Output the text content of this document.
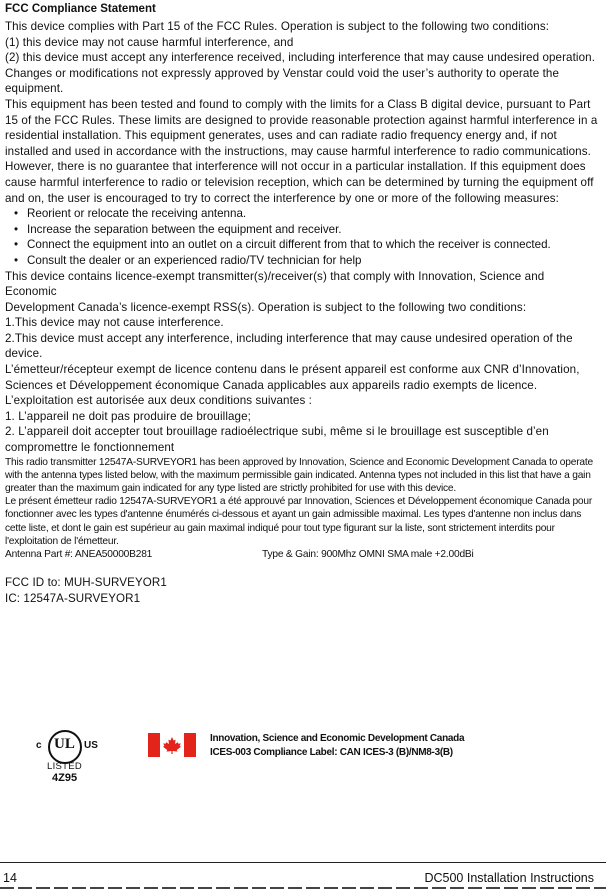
FCC Compliance Statement

This device complies with Part 15 of the FCC Rules. Operation is subject to the following two conditions:

(1) this device may not cause harmful interference, and

(2) this device must accept any interference received, including interference that may cause undesired operation.

Changes or modifications not expressly approved by Venstar could void the user’s authority to operate the equipment.

This equipment has been tested and found to comply with the limits for a Class B digital device, pursuant to Part 15 of the FCC Rules. These limits are designed to provide reasonable protection against harmful interference in a residential installation. This equipment generates, uses and can radiate radio frequency energy and, if not installed and used in accordance with the instructions, may cause harmful interference to radio communications. However, there is no guarantee that interference will not occur in a particular installation. If this equipment does cause harmful interference to radio or television reception, which can be determined by turning the equipment off and on, the user is encouraged to try to correct the interference by one or more of the following measures:

• Reorient or relocate the receiving antenna.
• Increase the separation between the equipment and receiver.
• Connect the equipment into an outlet on a circuit different from that to which the receiver is connected.
• Consult the dealer or an experienced radio/TV technician for help

This device contains licence-exempt transmitter(s)/receiver(s) that comply with Innovation, Science and Economic

Development Canada’s licence-exempt RSS(s). Operation is subject to the following two conditions:

1.This device may not cause interference.

2.This device must accept any interference, including interference that may cause undesired operation of the device.

L’émetteur/récepteur exempt de licence contenu dans le présent appareil est conforme aux CNR d’Innovation, Sciences et Développement économique Canada applicables aux appareils radio exempts de licence. L’exploitation est autorisée aux deux conditions suivantes :

1. L’appareil ne doit pas produire de brouillage;

2. L’appareil doit accepter tout brouillage radioélectrique subi, même si le brouillage est susceptible d’en compromettre le fonctionnement

This radio transmitter 12547A-SURVEYOR1 has been approved by Innovation, Science and Economic Development Canada to operate with the antenna types listed below, with the maximum permissible gain indicated. Antenna types not included in this list that have a gain greater than the maximum gain indicated for any type listed are strictly prohibited for use with this device.

Le présent émetteur radio 12547A-SURVEYOR1 a été approuvé par Innovation, Sciences et Développement économique Canada pour fonctionner avec les types d'antenne énumérés ci-dessous et ayant un gain admissible maximal. Les types d'antenne non inclus dans cette liste, et dont le gain est supérieur au gain maximal indiqué pour tout type figurant sur la liste, sont strictement interdits pour l'exploitation de l'émetteur.

Antenna Part #: ANEA50000B281	Type & Gain: 900Mhz OMNI SMA male +2.00dBi

FCC ID to: MUH-SURVEYOR1

IC: 12547A-SURVEYOR1

UL
c	US
LISTED
4Z95
Innovation, Science and Economic Development Canada
ICES-003 Compliance Label: CAN ICES-3 (B)/NM8-3(B)
14	DC500 Installation Instructions
